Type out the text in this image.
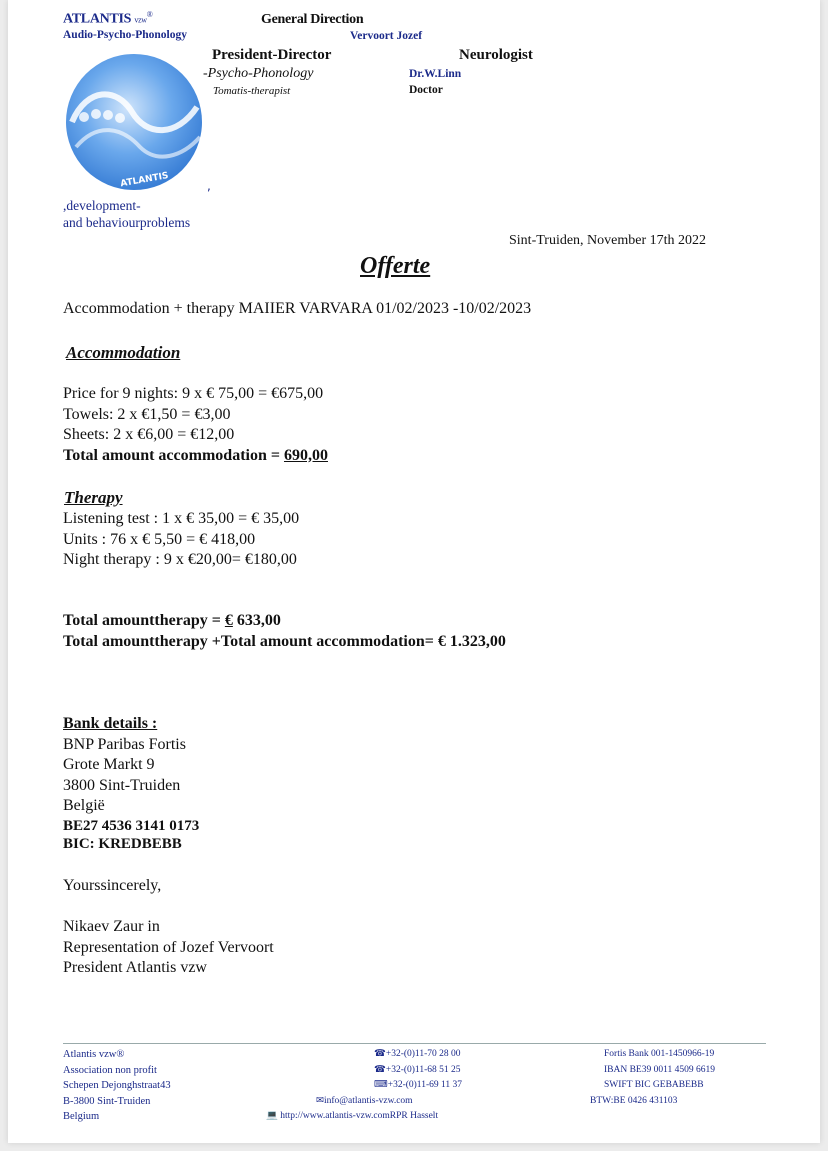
ATLANTIS vzw®
Audio-Psycho-Phonology
General Direction
Vervoort Jozef
President-Director
-Psycho-Phonology
Tomatis-therapist
Neurologist
Dr.W.Linn
Doctor
ATLANTIS	,
,development-
and behaviourproblems
Sint-Truiden, November 17th 2022
Offerte
Accommodation + therapy MAIIER VARVARA 01/02/2023 -10/02/2023
Accommodation
Price for 9 nights: 9 x € 75,00 = €675,00
Towels: 2 x €1,50 = €3,00
Sheets: 2 x €6,00 = €12,00
Total amount accommodation = 690,00
Therapy
Listening test : 1 x € 35,00 = € 35,00
Units : 76 x € 5,50 = € 418,00
Night therapy : 9 x €20,00= €180,00
Total amounttherapy = € 633,00
Total amounttherapy +Total amount accommodation= € 1.323,00
Bank details :
BNP Paribas Fortis
Grote Markt 9
3800 Sint-Truiden
België
BE27 4536 3141 0173
BIC: KREDBEBB
Yourssincerely,
Nikaev Zaur in
Representation of Jozef Vervoort
President Atlantis vzw
Atlantis vzw®
Association non profit
Schepen Dejonghstraat43
B-3800 Sint-Truiden
Belgium
☎+32-(0)11-70 28 00
☎+32-(0)11-68 51 25
⌨+32-(0)11-69 11 37
✉info@atlantis-vzw.com
💻 http://www.atlantis-vzw.comRPR Hasselt
Fortis Bank 001-1450966-19
IBAN BE39 0011 4509 6619
SWIFT BIC GEBABEBB
BTW:BE 0426 431103
